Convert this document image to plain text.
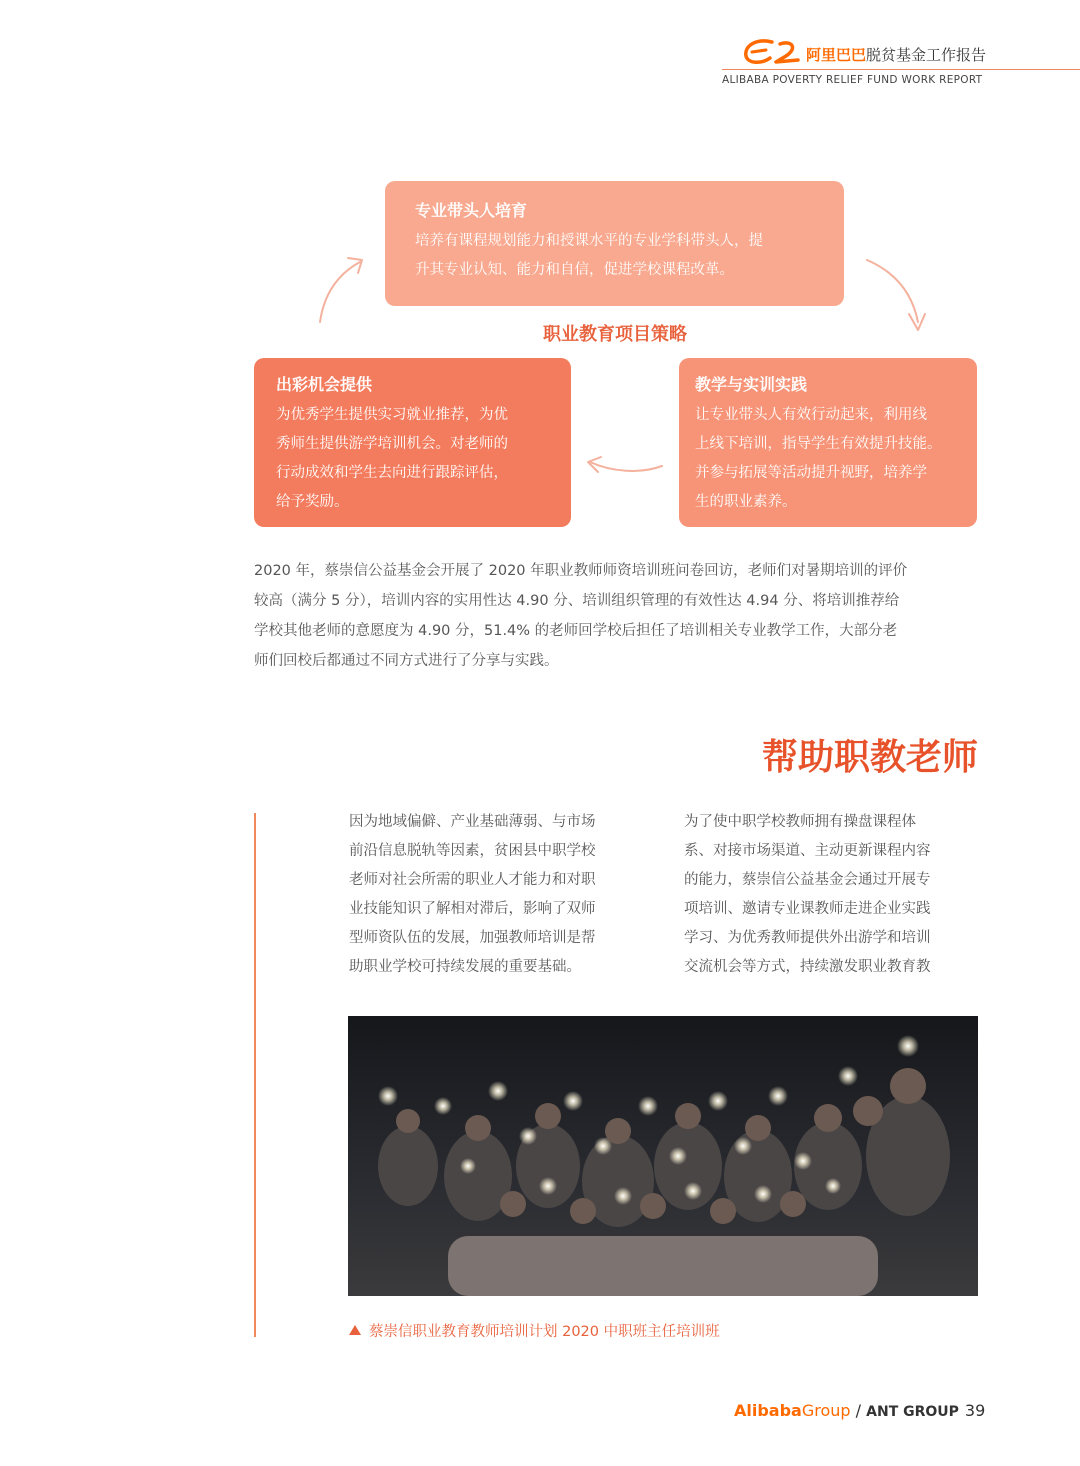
阿里巴巴脱贫基金工作报告
ALIBABA POVERTY RELIEF FUND WORK REPORT
专业带头人培育
培养有课程规划能力和授课水平的专业学科带头人，提
升其专业认知、能力和自信，促进学校课程改革。
职业教育项目策略
出彩机会提供
为优秀学生提供实习就业推荐，为优
秀师生提供游学培训机会。对老师的
行动成效和学生去向进行跟踪评估，
给予奖励。
教学与实训实践
让专业带头人有效行动起来，利用线
上线下培训，指导学生有效提升技能。
并参与拓展等活动提升视野，培养学
生的职业素养。
2020 年，蔡崇信公益基金会开展了 2020 年职业教师师资培训班问卷回访，老师们对暑期培训的评价
较高（满分 5 分），培训内容的实用性达 4.90 分、培训组织管理的有效性达 4.94 分、将培训推荐给
学校其他老师的意愿度为 4.90 分，51.4% 的老师回学校后担任了培训相关专业教学工作，大部分老
师们回校后都通过不同方式进行了分享与实践。
帮助职教老师
因为地域偏僻、产业基础薄弱、与市场
前沿信息脱轨等因素，贫困县中职学校
老师对社会所需的职业人才能力和对职
业技能知识了解相对滞后，影响了双师
型师资队伍的发展，加强教师培训是帮
助职业学校可持续发展的重要基础。
为了使中职学校教师拥有操盘课程体
系、对接市场渠道、主动更新课程内容
的能力，蔡崇信公益基金会通过开展专
项培训、邀请专业课教师走进企业实践
学习、为优秀教师提供外出游学和培训
交流机会等方式，持续激发职业教育教
蔡崇信职业教育教师培训计划 2020 中职班主任培训班
AlibabaGroup / ANT GROUP 39
